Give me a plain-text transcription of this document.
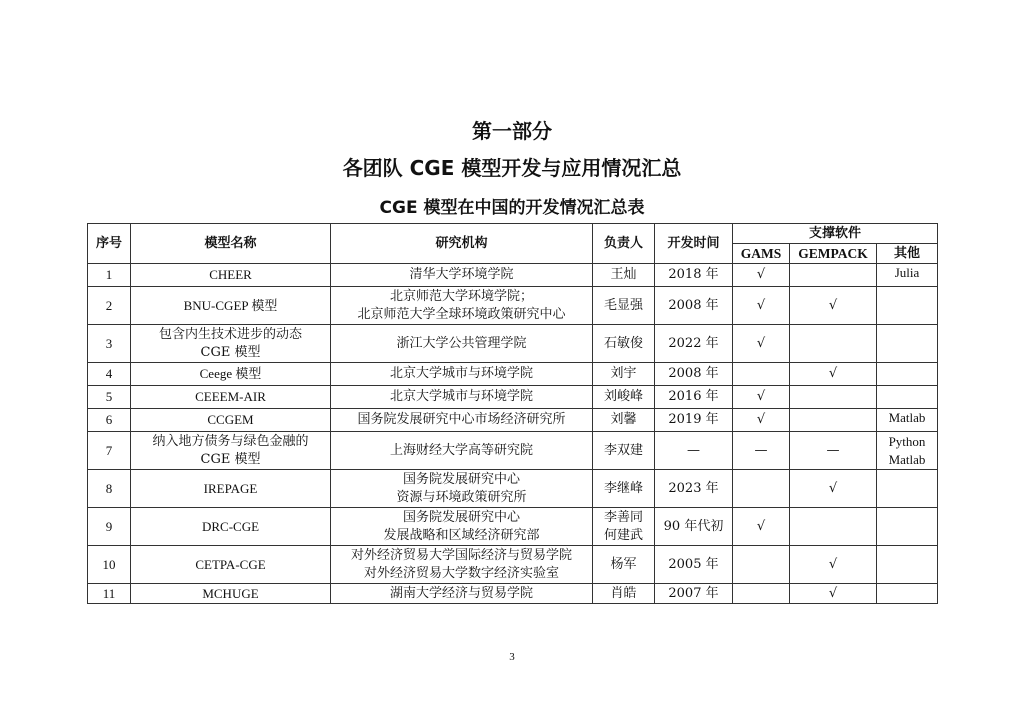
第一部分
各团队 CGE 模型开发与应用情况汇总
CGE 模型在中国的开发情况汇总表
序号	模型名称	研究机构	负责人	开发时间	支撑软件		
					GAMS	GEMPACK	其他
1	CHEER	清华大学环境学院	王灿	2018 年	√		Julia

2	BNU-CGEP 模型	北京师范大学环境学院；
北京师范大学全球环境政策研究中心	毛显强	2008 年	√	√	
3	包含内生技术进步的动态
CGE 模型	浙江大学公共管理学院	石敏俊	2022 年	√		
4	Ceege 模型	北京大学城市与环境学院	刘宇	2008 年		√	
5	CEEEM-AIR	北京大学城市与环境学院	刘峻峰	2016 年	√		
6	CCGEM	国务院发展研究中心市场经济研究所	刘馨	2019 年	√		Matlab

7	纳入地方债务与绿色金融的
CGE 模型	上海财经大学高等研究院	李双建	—	—	—	Python
Matlab

8	IREPAGE	国务院发展研究中心
资源与环境政策研究所	李继峰	2023 年		√	
9	DRC-CGE	国务院发展研究中心
发展战略和区域经济研究部	李善同
何建武	90 年代初	√		
10	CETPA-CGE	对外经济贸易大学国际经济与贸易学院
对外经济贸易大学数字经济实验室	杨军	2005 年		√	
11	MCHUGE	湖南大学经济与贸易学院	肖皓	2007 年		√	
3
